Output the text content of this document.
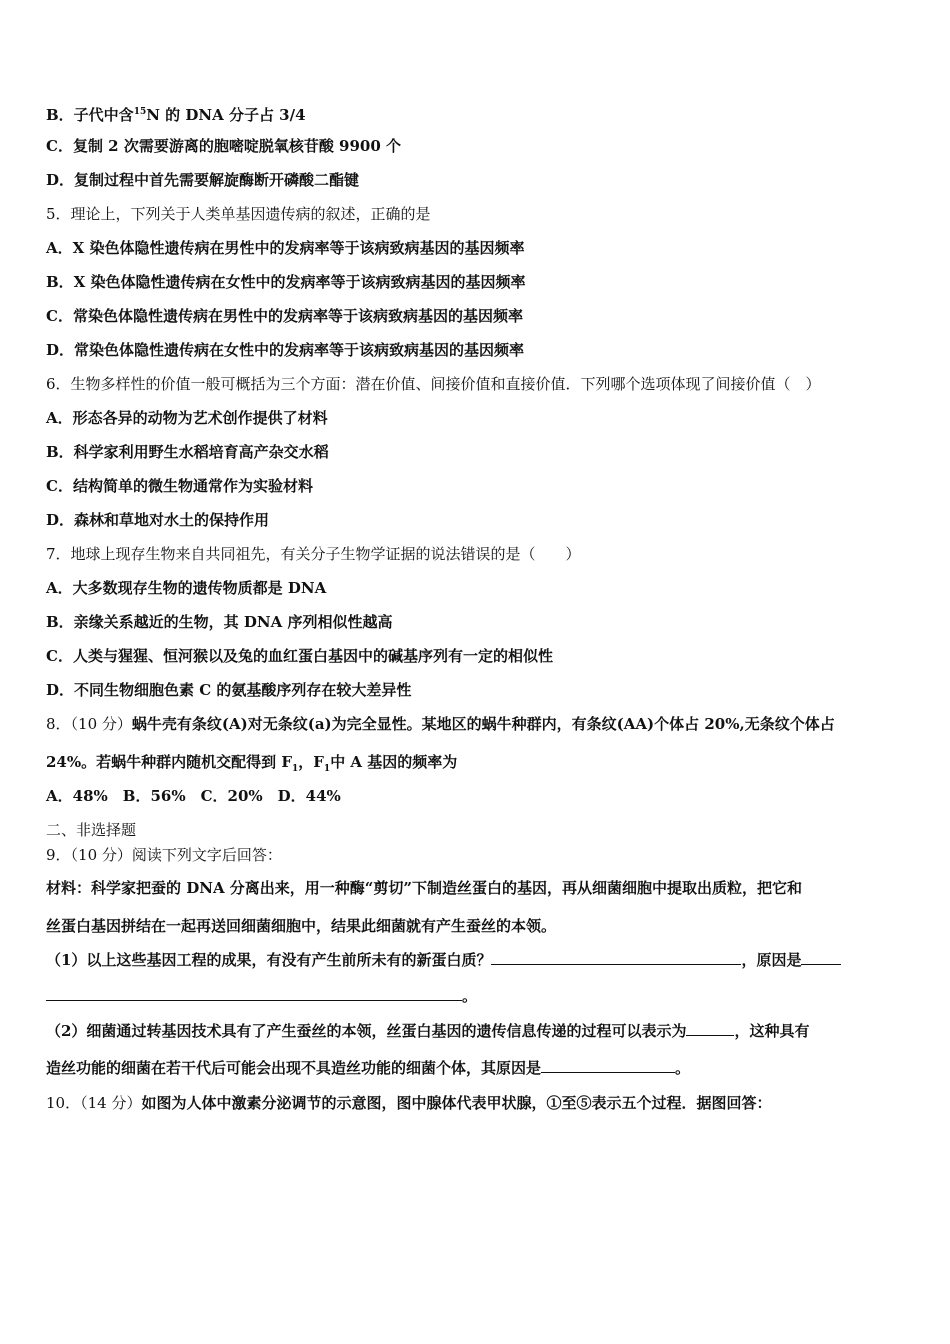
B．子代中含$^{15}$N 的 DNA 分子占 3/4
C．复制 2 次需要游离的胞嘧啶脱氧核苷酸 9900 个
D．复制过程中首先需要解旋酶断开磷酸二酯键
5．理论上，下列关于人类单基因遗传病的叙述，正确的是
A．X 染色体隐性遗传病在男性中的发病率等于该病致病基因的基因频率
B．X 染色体隐性遗传病在女性中的发病率等于该病致病基因的基因频率
C．常染色体隐性遗传病在男性中的发病率等于该病致病基因的基因频率
D．常染色体隐性遗传病在女性中的发病率等于该病致病基因的基因频率
6．生物多样性的价值一般可概括为三个方面：潜在价值、间接价值和直接价值．下列哪个选项体现了间接价值（　）
A．形态各异的动物为艺术创作提供了材料
B．科学家利用野生水稻培育高产杂交水稻
C．结构简单的微生物通常作为实验材料
D．森林和草地对水土的保持作用
7．地球上现存生物来自共同祖先，有关分子生物学证据的说法错误的是（　　）
A．大多数现存生物的遗传物质都是 DNA
B．亲缘关系越近的生物，其 DNA 序列相似性越高
C．人类与猩猩、恒河猴以及兔的血红蛋白基因中的碱基序列有一定的相似性
D．不同生物细胞色素 C 的氨基酸序列存在较大差异性
8．（10 分）蜗牛壳有条纹(A)对无条纹(a)为完全显性。某地区的蜗牛种群内，有条纹(AA)个体占 20%,无条纹个体占
24%。若蜗牛种群内随机交配得到 $F_1$，$F_1$中 A 基因的频率为
A．48%　B．56%　C．20%　D．44%
二、非选择题
9．（10 分）阅读下列文字后回答：
材料：科学家把蚕的 DNA 分离出来，用一种酶“剪切”下制造丝蛋白的基因，再从细菌细胞中提取出质粒，把它和
丝蛋白基因拼结在一起再送回细菌细胞中，结果此细菌就有产生蚕丝的本领。
（1）以上这些基因工程的成果，有没有产生前所未有的新蛋白质？	，原因是
。
（2）细菌通过转基因技术具有了产生蚕丝的本领，丝蛋白基因的遗传信息传递的过程可以表示为	，这种具有
造丝功能的细菌在若干代后可能会出现不具造丝功能的细菌个体，其原因是	。
10．（14 分）如图为人体中激素分泌调节的示意图，图中腺体代表甲状腺，①至⑤表示五个过程．据图回答：
